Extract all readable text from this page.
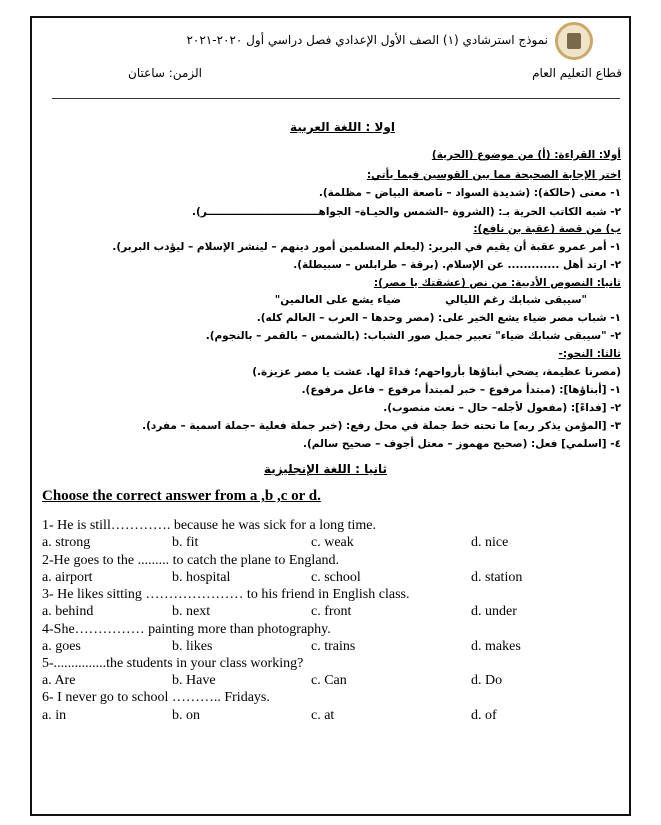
نموذج استرشادي (١) الصف الأول الإعدادي فصل دراسي أول ٢٠٢٠-٢٠٢١
قطاع التعليم العام
الزمن: ساعتان
اولا : اللغة العربية
أولا: القراءة: (أ) من موضوع (الحرية)
اختر الإجابة الصحيحة مما بين القوسين فيما يأتي:
١- معنى (حالكة): (شديدة السواد – ناصعة البياض – مظلمة).
٢- شبه الكاتب الحرية بـ: (الشروة –الشمس والحيـاة– الجواهـــــــــــــــــــــــــــــــر).
ب) من قصة (عقبة بن نافع):
١- أمر عمرو عقبة أن يقيم في البربر: (ليعلم المسلمين أمور دينهم – لينشر الإسلام – ليؤدب البربر).
٢- ارتد أهل ............. عن الإسلام. (برقة – طرابلس – سبيطلة).
ثانيا: النصوص الأدبية: من نص (عشقتك يا مصر):
"سيبقى شبابك رغم الليالي
ضياء يشع على العالمين"
١- شباب مصر ضياء يشع الخير على: (مصر وحدها – العرب – العالم كله).
٢- "سيبقى شبابك ضياء" تعبير جميل صور الشباب: (بالشمس – بالقمر – بالنجوم).
ثالثا: النحو:-
(مصرنا عظيمة، يضحي أبناؤها بأرواحهم؛ فداءً لها. عشت يا مصر عزيزة.)
١- [أبناؤها]: (مبتدأ مرفوع – خبر لمبتدأ مرفوع – فاعل مرفوع).
٢- [فداءً]: (مفعول لأجله– حال – نعت منصوب).
٣- [المؤمن يذكر ربه] ما تحته خط جملة في محل رفع: (خبر جملة فعلية –جملة اسمية – مفرد).
٤- [اسلمي] فعل: (صحيح مهموز – معتل أجوف – صحيح سالم).
ثانيا : اللغة الإنجليزية
Choose the correct answer from a ,b ,c or d.
1- He is still…………. because he was sick for a long time.
a. strong	b. fit	c. weak	d. nice
2-He goes to the ......... to catch the plane to England.
a. airport	b. hospital	c. school	d. station
3- He likes sitting ………………… to his friend in English class.
a. behind	b. next	c. front	d. under
4-She…………… painting more than photography.
a. goes	b. likes	c. trains	d. makes
5-...............the students in your class working?
a. Are	b. Have	c. Can	d. Do
6- I never go to school ……….. Fridays.
a. in	b. on	c. at	d. of
